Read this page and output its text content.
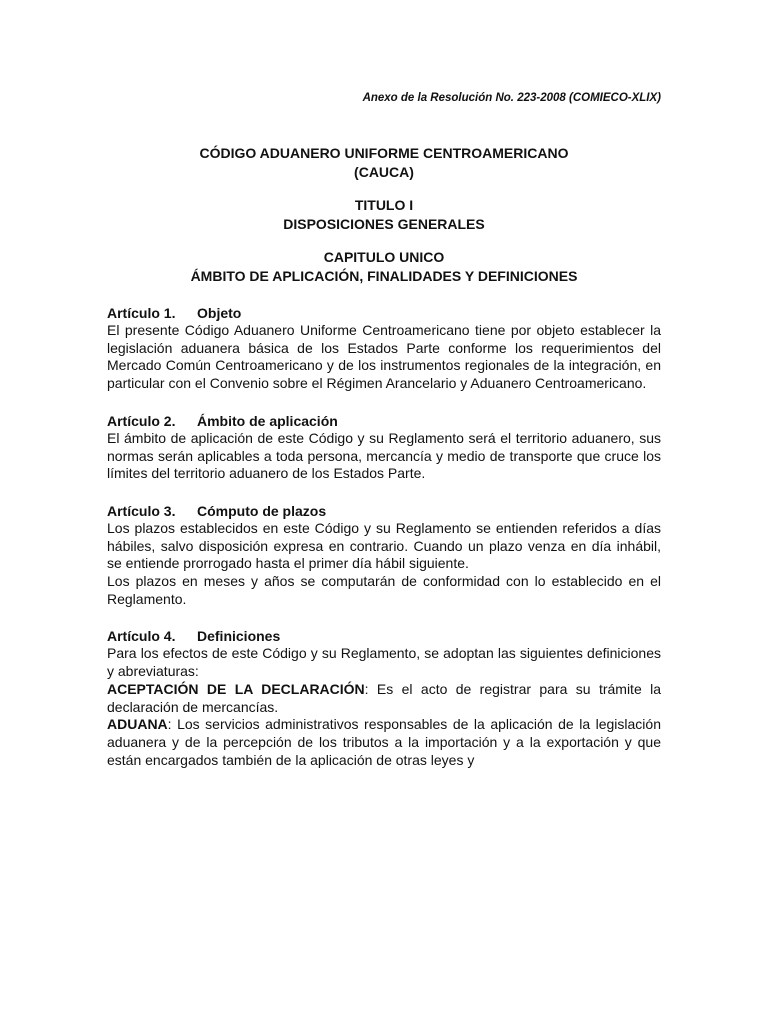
Anexo de la Resolución No. 223-2008 (COMIECO-XLIX)
CÓDIGO ADUANERO UNIFORME CENTROAMERICANO
(CAUCA)
TITULO I
DISPOSICIONES GENERALES
CAPITULO UNICO
ÁMBITO DE APLICACIÓN, FINALIDADES Y DEFINICIONES
Artículo 1. Objeto

El presente Código Aduanero Uniforme Centroamericano tiene por objeto establecer la legislación aduanera básica de los Estados Parte conforme los requerimientos del Mercado Común Centroamericano y de los instrumentos regionales de la integración, en particular con el Convenio sobre el Régimen Arancelario y Aduanero Centroamericano.

Artículo 2. Ámbito de aplicación

El ámbito de aplicación de este Código y su Reglamento será el territorio aduanero, sus normas serán aplicables a toda persona, mercancía y medio de transporte que cruce los límites del territorio aduanero de los Estados Parte.

Artículo 3. Cómputo de plazos

Los plazos establecidos en este Código y su Reglamento se entienden referidos a días hábiles, salvo disposición expresa en contrario. Cuando un plazo venza en día inhábil, se entiende prorrogado hasta el primer día hábil siguiente.

Los plazos en meses y años se computarán de conformidad con lo establecido en el Reglamento.

Artículo 4. Definiciones

Para los efectos de este Código y su Reglamento, se adoptan las siguientes definiciones y abreviaturas:

ACEPTACIÓN DE LA DECLARACIÓN: Es el acto de registrar para su trámite la declaración de mercancías.

ADUANA: Los servicios administrativos responsables de la aplicación de la legislación aduanera y de la percepción de los tributos a la importación y a la exportación y que están encargados también de la aplicación de otras leyes y
